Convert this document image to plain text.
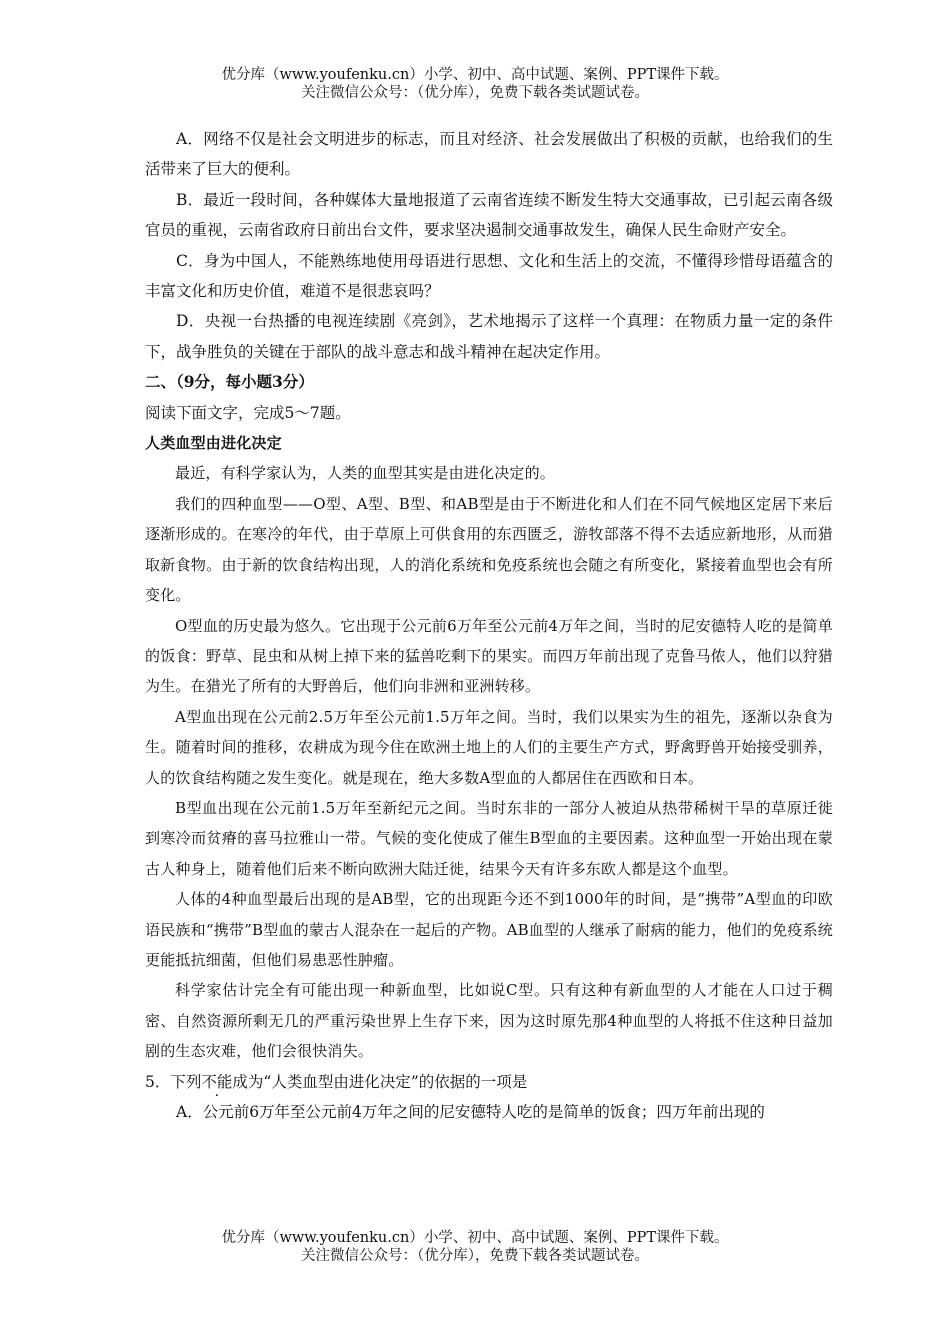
优分库（www.youfenku.cn）小学、初中、高中试题、案例、PPT课件下载。
关注微信公众号：（优分库），免费下载各类试题试卷。

A．网络不仅是社会文明进步的标志，而且对经济、社会发展做出了积极的贡献，也给我们的生活带来了巨大的便利。

B．最近一段时间，各种媒体大量地报道了云南省连续不断发生特大交通事故，已引起云南各级官员的重视，云南省政府日前出台文件，要求坚决遏制交通事故发生，确保人民生命财产安全。

C．身为中国人，不能熟练地使用母语进行思想、文化和生活上的交流，不懂得珍惜母语蕴含的丰富文化和历史价值，难道不是很悲哀吗？

D．央视一台热播的电视连续剧《亮剑》，艺术地揭示了这样一个真理：在物质力量一定的条件下，战争胜负的关键在于部队的战斗意志和战斗精神在起决定作用。

二、（9分，每小题3分）

阅读下面文字，完成5～7题。

人类血型由进化决定

最近，有科学家认为，人类的血型其实是由进化决定的。

我们的四种血型——O型、A型、B型、和AB型是由于不断进化和人们在不同气候地区定居下来后逐渐形成的。在寒冷的年代，由于草原上可供食用的东西匮乏，游牧部落不得不去适应新地形，从而猎取新食物。由于新的饮食结构出现，人的消化系统和免疫系统也会随之有所变化，紧接着血型也会有所变化。

O型血的历史最为悠久。它出现于公元前6万年至公元前4万年之间，当时的尼安德特人吃的是简单的饭食：野草、昆虫和从树上掉下来的猛兽吃剩下的果实。而四万年前出现了克鲁马侬人，他们以狩猎为生。在猎光了所有的大野兽后，他们向非洲和亚洲转移。

A型血出现在公元前2.5万年至公元前1.5万年之间。当时，我们以果实为生的祖先，逐渐以杂食为生。随着时间的推移，农耕成为现今住在欧洲土地上的人们的主要生产方式，野禽野兽开始接受驯养，人的饮食结构随之发生变化。就是现在，绝大多数A型血的人都居住在西欧和日本。

B型血出现在公元前1.5万年至新纪元之间。当时东非的一部分人被迫从热带稀树干旱的草原迁徙到寒冷而贫瘠的喜马拉雅山一带。气候的变化使成了催生B型血的主要因素。这种血型一开始出现在蒙古人种身上，随着他们后来不断向欧洲大陆迁徙，结果今天有许多东欧人都是这个血型。

人体的4种血型最后出现的是AB型，它的出现距今还不到1000年的时间，是“携带”A型血的印欧语民族和“携带”B型血的蒙古人混杂在一起后的产物。AB血型的人继承了耐病的能力，他们的免疫系统更能抵抗细菌，但他们易患恶性肿瘤。

科学家估计完全有可能出现一种新血型，比如说C型。只有这种有新血型的人才能在人口过于稠密、自然资源所剩无几的严重污染世界上生存下来，因为这时原先那4种血型的人将抵不住这种日益加剧的生态灾难，他们会很快消失。

5．下列不能成为“人类血型由进化决定”的依据的一项是

A．公元前6万年至公元前4万年之间的尼安德特人吃的是简单的饭食；四万年前出现的

优分库（www.youfenku.cn）小学、初中、高中试题、案例、PPT课件下载。
关注微信公众号：（优分库），免费下载各类试题试卷。
